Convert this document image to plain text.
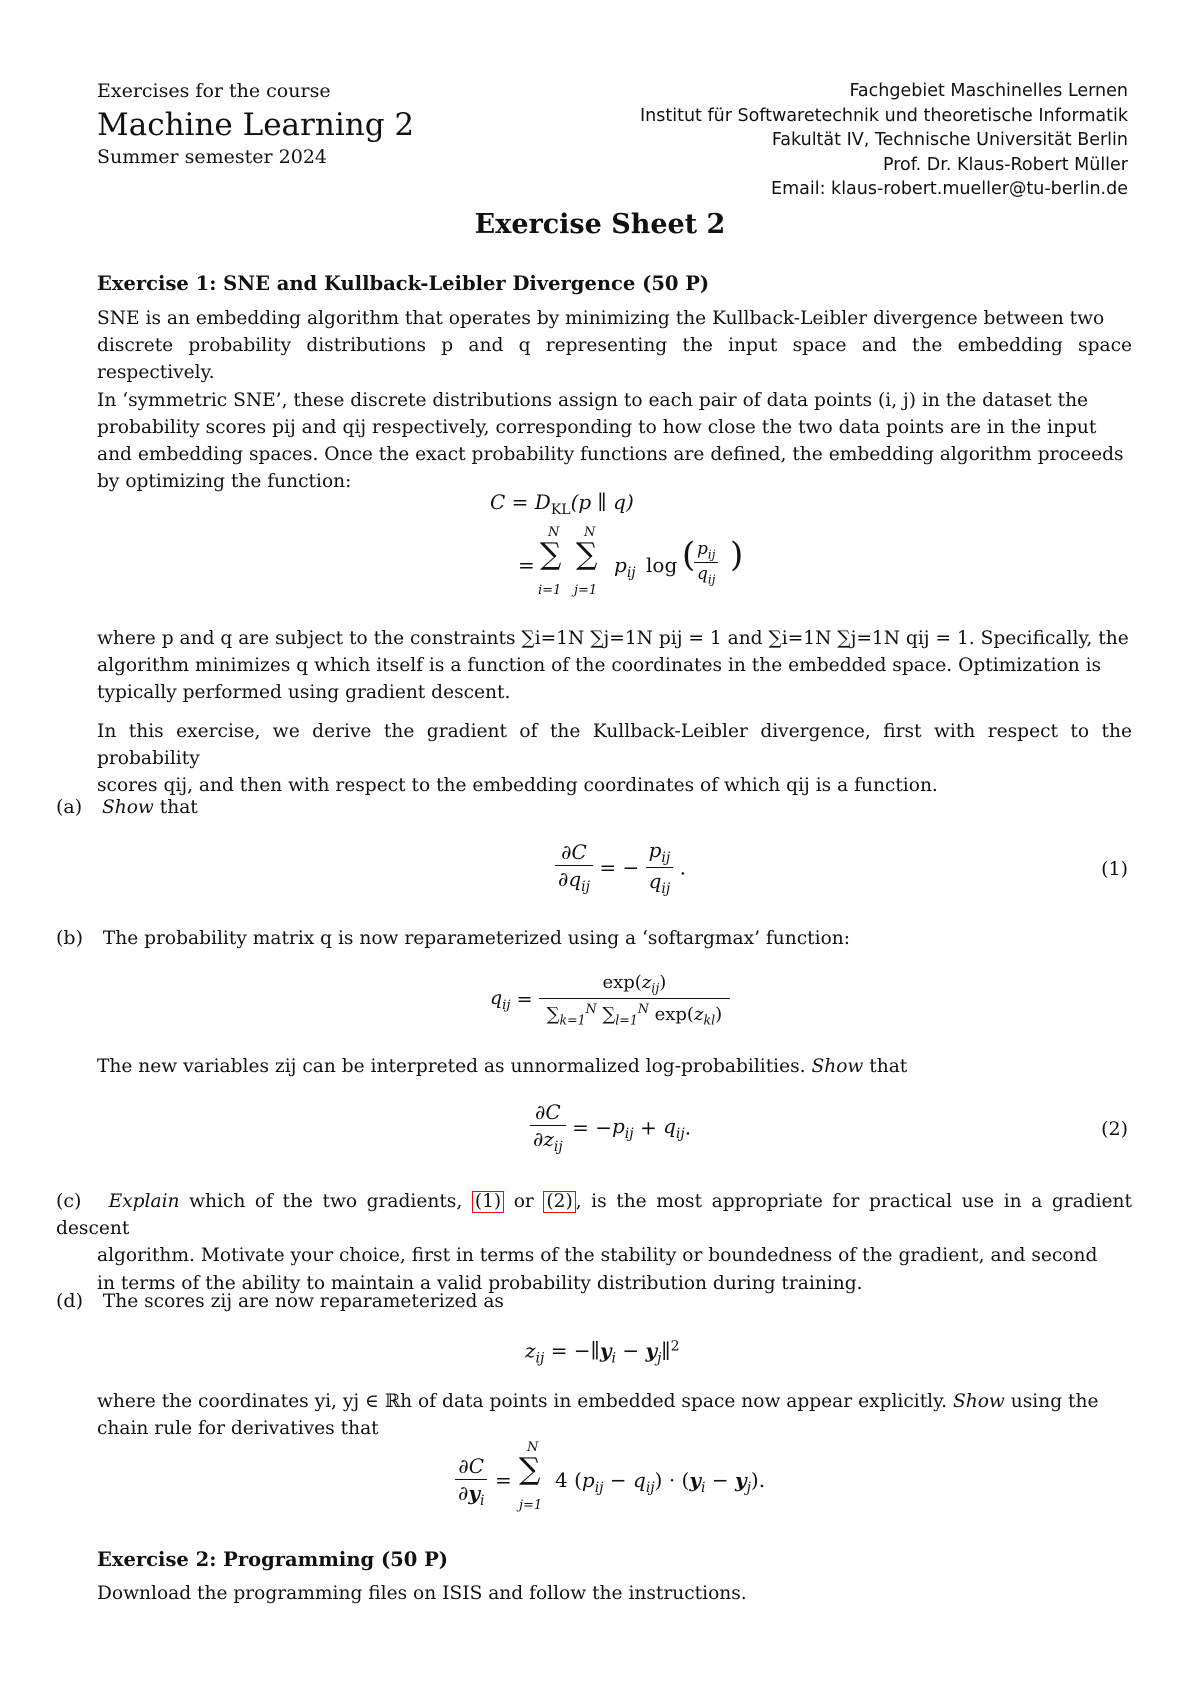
Exercises for the course
Machine Learning 2
Summer semester 2024
Fachgebiet Maschinelles Lernen
Institut für Softwaretechnik und theoretische Informatik
Fakultät IV, Technische Universität Berlin
Prof. Dr. Klaus-Robert Müller
Email: klaus-robert.mueller@tu-berlin.de
Exercise Sheet 2
Exercise 1: SNE and Kullback-Leibler Divergence (50 P)
SNE is an embedding algorithm that operates by minimizing the Kullback-Leibler divergence between two
discrete probability distributions p and q representing the input space and the embedding space respectively.
In ‘symmetric SNE’, these discrete distributions assign to each pair of data points (i, j) in the dataset the
probability scores pij and qij respectively, corresponding to how close the two data points are in the input
and embedding spaces. Once the exact probability functions are defined, the embedding algorithm proceeds
by optimizing the function:
$C = D_{KL}(p$ ∥ q)
=
N
∑
i=1
N
∑
j=1
$p_{ij}$ log ( $p_{ij}$
$q_{ij}$
)
where p and q are subject to the constraints ∑i=1N ∑j=1N pij = 1 and ∑i=1N ∑j=1N qij = 1. Specifically, the
algorithm minimizes q which itself is a function of the coordinates in the embedded space. Optimization is
typically performed using gradient descent.
In this exercise, we derive the gradient of the Kullback-Leibler divergence, first with respect to the probability
scores qij, and then with respect to the embedding coordinates of which qij is a function.
(a) Show that
$\frac{\partial C}{\partial q_{ij}}$ = − $\frac{p_{ij}}{q_{ij}}$ .	(1)
(b) The probability matrix q is now reparameterized using a ‘softargmax’ function:
$q_{ij} = \frac{\exp(z_{ij})}{\sum_{k=1}^N \sum_{l=1}^N \exp(z_{kl})}$
The new variables zij can be interpreted as unnormalized log-probabilities. Show that
$\frac{\partial C}{\partial z_{ij}} = -p_{ij} + q_{ij}$.	(2)
(c) Explain which of the two gradients, (1) or (2) , is the most appropriate for practical use in a gradient descent
algorithm. Motivate your choice, first in terms of the stability or boundedness of the gradient, and second
in terms of the ability to maintain a valid probability distribution during training.
(d) The scores zij are now reparameterized as
$z_{ij}$ = $-\parallel y_i$ − $y_j\parallel^2$
where the coordinates yi, yj ∈ ℝh of data points in embedded space now appear explicitly. Show using the
chain rule for derivatives that
$\frac{\partial C}{\partial y_i}$ =
N
∑
j=1
4 $(p_{ij} - q_{ij}) \cdot (y_i - y_j)$.
Exercise 2: Programming (50 P)
Download the programming files on ISIS and follow the instructions.
